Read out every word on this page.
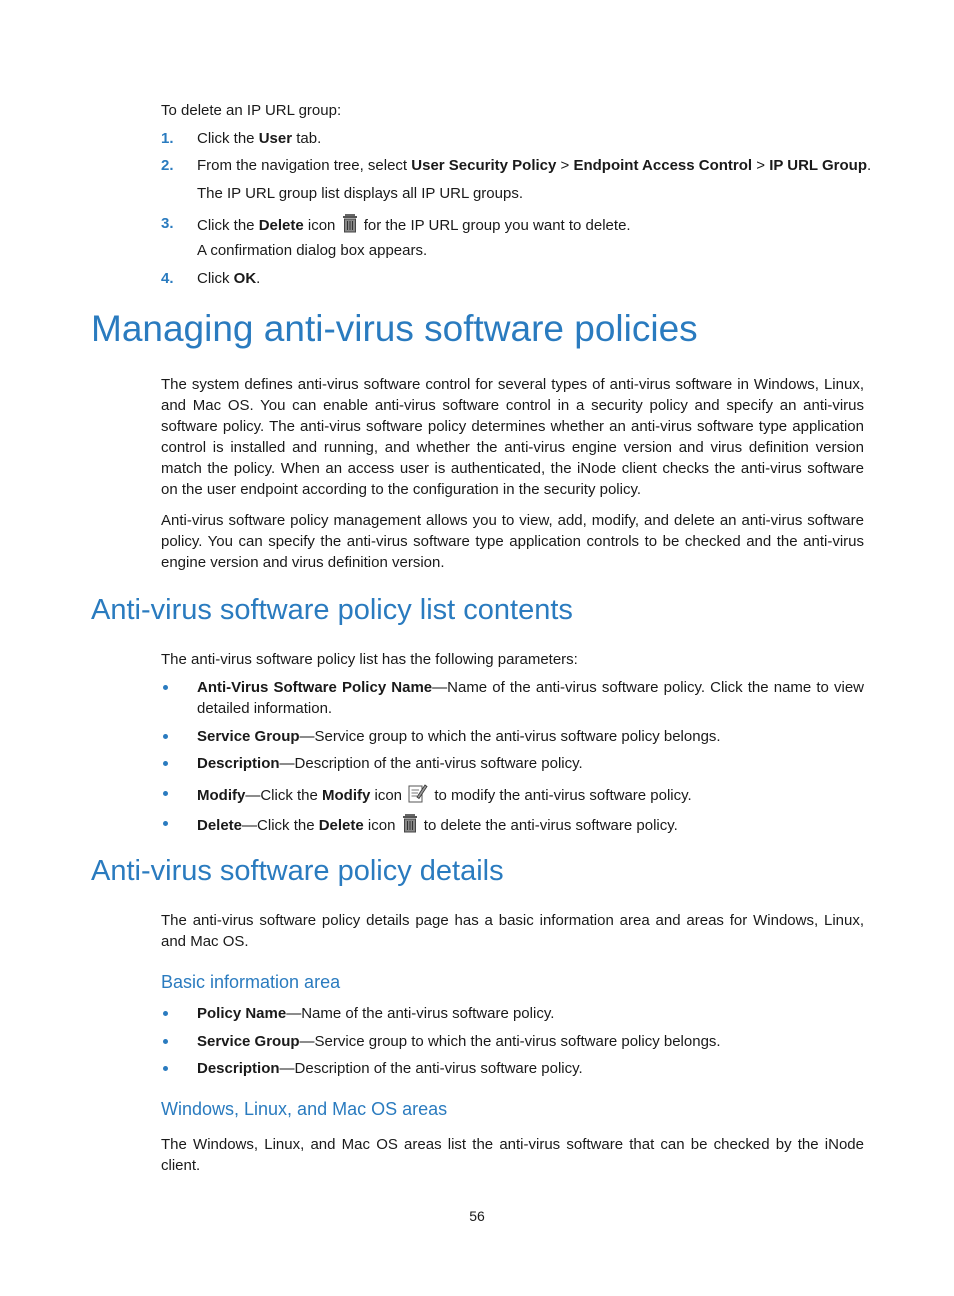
To delete an IP URL group:

1. Click the User tab.
2. From the navigation tree, select User Security Policy > Endpoint Access Control > IP URL Group.
The IP URL group list displays all IP URL groups.
3. Click the Delete icon for the IP URL group you want to delete.
A confirmation dialog box appears.
4. Click OK.
Managing anti-virus software policies

The system defines anti-virus software control for several types of anti-virus software in Windows, Linux, and Mac OS. You can enable anti-virus software control in a security policy and specify an anti-virus software policy. The anti-virus software policy determines whether an anti-virus software type application control is installed and running, and whether the anti-virus engine version and virus definition version match the policy. When an access user is authenticated, the iNode client checks the anti-virus software on the user endpoint according to the configuration in the security policy.

Anti-virus software policy management allows you to view, add, modify, and delete an anti-virus software policy. You can specify the anti-virus software type application controls to be checked and the anti-virus engine version and virus definition version.

Anti-virus software policy list contents

The anti-virus software policy list has the following parameters:

Anti-Virus Software Policy Name—Name of the anti-virus software policy. Click the name to view detailed information.
Service Group—Service group to which the anti-virus software policy belongs.
Description—Description of the anti-virus software policy.
Modify—Click the Modify icon to modify the anti-virus software policy.
Delete—Click the Delete icon to delete the anti-virus software policy.
Anti-virus software policy details

The anti-virus software policy details page has a basic information area and areas for Windows, Linux, and Mac OS.

Basic information area
Policy Name—Name of the anti-virus software policy.
Service Group—Service group to which the anti-virus software policy belongs.
Description—Description of the anti-virus software policy.
Windows, Linux, and Mac OS areas

The Windows, Linux, and Mac OS areas list the anti-virus software that can be checked by the iNode client.

56
